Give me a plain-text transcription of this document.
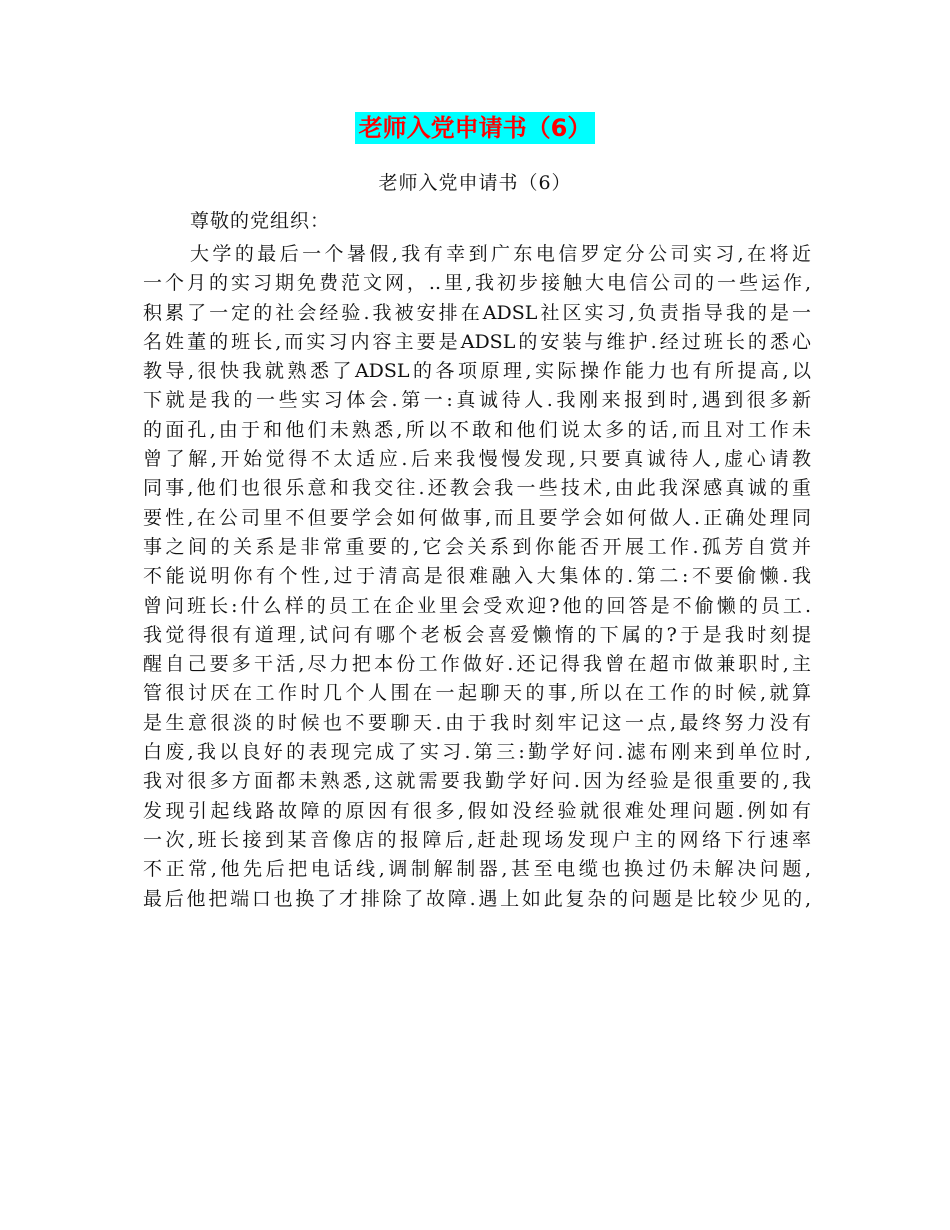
老师入党申请书（6）
老师入党申请书（6）
尊敬的党组织：
大学的最后一个暑假,我有幸到广东电信罗定分公司实习,在将近
一个月的实习期免费范文网，..里,我初步接触大电信公司的一些运作,
积累了一定的社会经验.我被安排在ADSL社区实习,负责指导我的是一
名姓董的班长,而实习内容主要是ADSL的安装与维护.经过班长的悉心
教导,很快我就熟悉了ADSL的各项原理,实际操作能力也有所提高,以
下就是我的一些实习体会.第一:真诚待人.我刚来报到时,遇到很多新
的面孔,由于和他们未熟悉,所以不敢和他们说太多的话,而且对工作未
曾了解,开始觉得不太适应.后来我慢慢发现,只要真诚待人,虚心请教
同事,他们也很乐意和我交往.还教会我一些技术,由此我深感真诚的重
要性,在公司里不但要学会如何做事,而且要学会如何做人.正确处理同
事之间的关系是非常重要的,它会关系到你能否开展工作.孤芳自赏并
不能说明你有个性,过于清高是很难融入大集体的.第二:不要偷懒.我
曾问班长:什么样的员工在企业里会受欢迎?他的回答是不偷懒的员工.
我觉得很有道理,试问有哪个老板会喜爱懒惰的下属的?于是我时刻提
醒自己要多干活,尽力把本份工作做好.还记得我曾在超市做兼职时,主
管很讨厌在工作时几个人围在一起聊天的事,所以在工作的时候,就算
是生意很淡的时候也不要聊天.由于我时刻牢记这一点,最终努力没有
白废,我以良好的表现完成了实习.第三:勤学好问.滤布刚来到单位时,
我对很多方面都未熟悉,这就需要我勤学好问.因为经验是很重要的,我
发现引起线路故障的原因有很多,假如没经验就很难处理问题.例如有
一次,班长接到某音像店的报障后,赶赴现场发现户主的网络下行速率
不正常,他先后把电话线,调制解制器,甚至电缆也换过仍未解决问题,
最后他把端口也换了才排除了故障.遇上如此复杂的问题是比较少见的,
